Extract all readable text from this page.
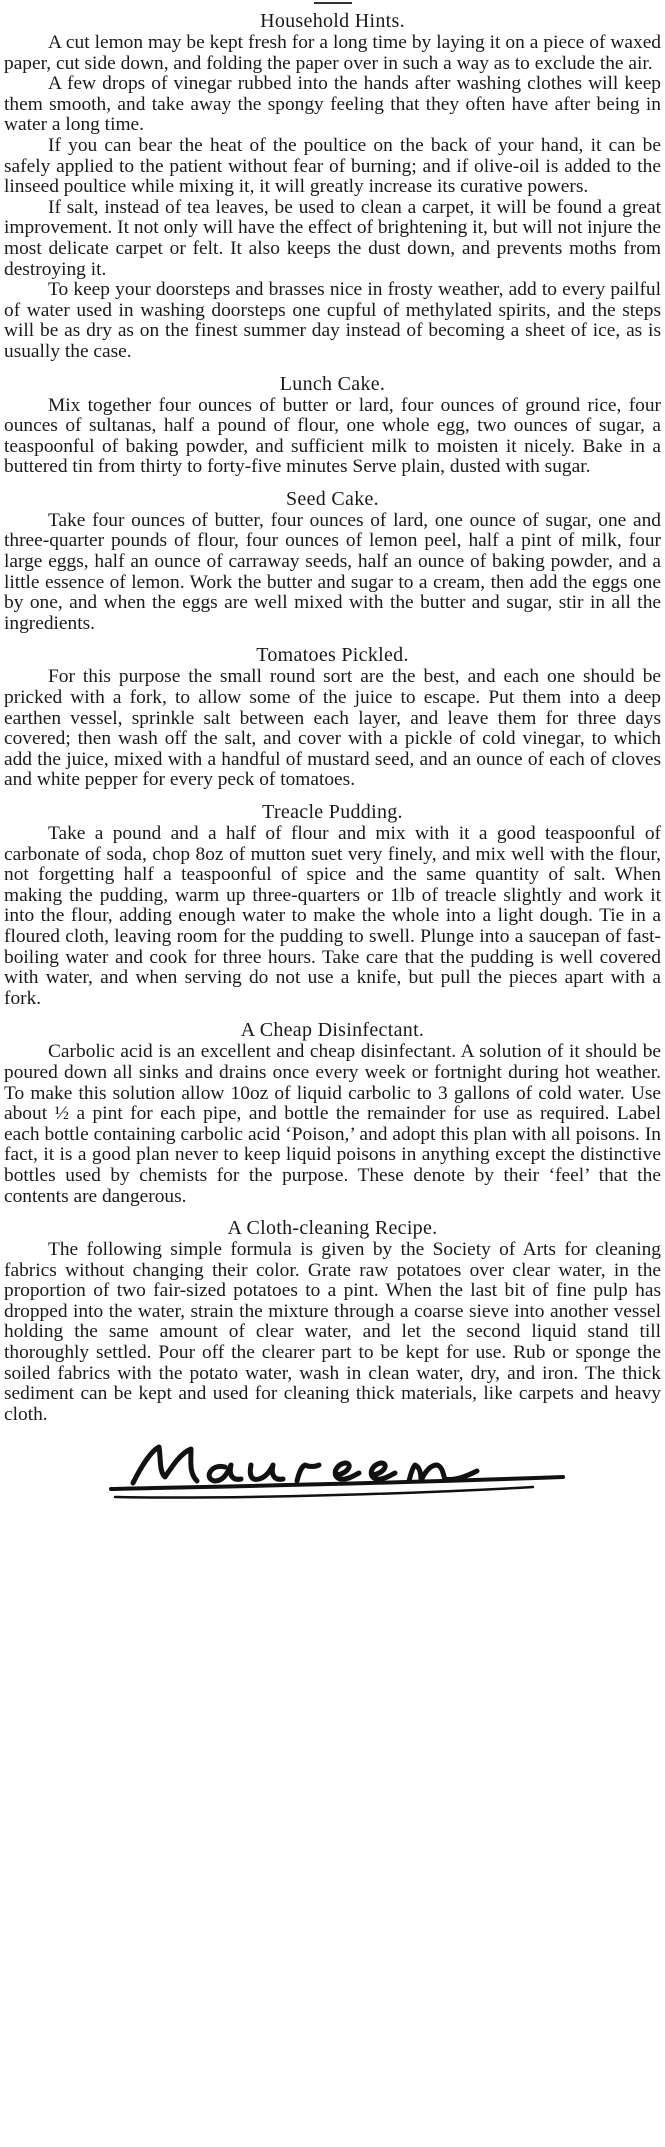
Household Hints.

A cut lemon may be kept fresh for a long time by laying it on a piece of waxed paper, cut side down, and folding the paper over in such a way as to exclude the air.

A few drops of vinegar rubbed into the hands after washing clothes will keep them smooth, and take away the spongy feeling that they often have after being in water a long time.

If you can bear the heat of the poultice on the back of your hand, it can be safely applied to the patient without fear of burning; and if olive-oil is added to the linseed poultice while mixing it, it will greatly increase its curative powers.

If salt, instead of tea leaves, be used to clean a carpet, it will be found a great improvement. It not only will have the effect of brightening it, but will not injure the most delicate carpet or felt. It also keeps the dust down, and prevents moths from destroying it.

To keep your doorsteps and brasses nice in frosty weather, add to every pailful of water used in washing doorsteps one cupful of methylated spirits, and the steps will be as dry as on the finest summer day instead of becoming a sheet of ice, as is usually the case.

Lunch Cake.

Mix together four ounces of butter or lard, four ounces of ground rice, four ounces of sultanas, half a pound of flour, one whole egg, two ounces of sugar, a teaspoonful of baking powder, and sufficient milk to moisten it nicely. Bake in a buttered tin from thirty to forty-five minutes Serve plain, dusted with sugar.

Seed Cake.

Take four ounces of butter, four ounces of lard, one ounce of sugar, one and three-quarter pounds of flour, four ounces of lemon peel, half a pint of milk, four large eggs, half an ounce of carraway seeds, half an ounce of baking powder, and a little essence of lemon. Work the butter and sugar to a cream, then add the eggs one by one, and when the eggs are well mixed with the butter and sugar, stir in all the ingredients.

Tomatoes Pickled.

For this purpose the small round sort are the best, and each one should be pricked with a fork, to allow some of the juice to escape. Put them into a deep earthen vessel, sprinkle salt between each layer, and leave them for three days covered; then wash off the salt, and cover with a pickle of cold vinegar, to which add the juice, mixed with a handful of mustard seed, and an ounce of each of cloves and white pepper for every peck of tomatoes.

Treacle Pudding.

Take a pound and a half of flour and mix with it a good teaspoonful of carbonate of soda, chop 8oz of mutton suet very finely, and mix well with the flour, not forgetting half a teaspoonful of spice and the same quantity of salt. When making the pudding, warm up three-quarters or 1lb of treacle slightly and work it into the flour, adding enough water to make the whole into a light dough. Tie in a floured cloth, leaving room for the pudding to swell. Plunge into a saucepan of fast-boiling water and cook for three hours. Take care that the pudding is well covered with water, and when serving do not use a knife, but pull the pieces apart with a fork.

A Cheap Disinfectant.

Carbolic acid is an excellent and cheap disinfectant. A solution of it should be poured down all sinks and drains once every week or fortnight during hot weather. To make this solution allow 10oz of liquid carbolic to 3 gallons of cold water. Use about ½ a pint for each pipe, and bottle the remainder for use as required. Label each bottle containing carbolic acid ‘Poison,’ and adopt this plan with all poisons. In fact, it is a good plan never to keep liquid poisons in anything except the distinctive bottles used by chemists for the purpose. These denote by their ‘feel’ that the contents are dangerous.

A Cloth-cleaning Recipe.

The following simple formula is given by the Society of Arts for cleaning fabrics without changing their color. Grate raw potatoes over clear water, in the proportion of two fair-sized potatoes to a pint. When the last bit of fine pulp has dropped into the water, strain the mixture through a coarse sieve into another vessel holding the same amount of clear water, and let the second liquid stand till thoroughly settled. Pour off the clearer part to be kept for use. Rub or sponge the soiled fabrics with the potato water, wash in clean water, dry, and iron. The thick sediment can be kept and used for cleaning thick materials, like carpets and heavy cloth.

Maureen
